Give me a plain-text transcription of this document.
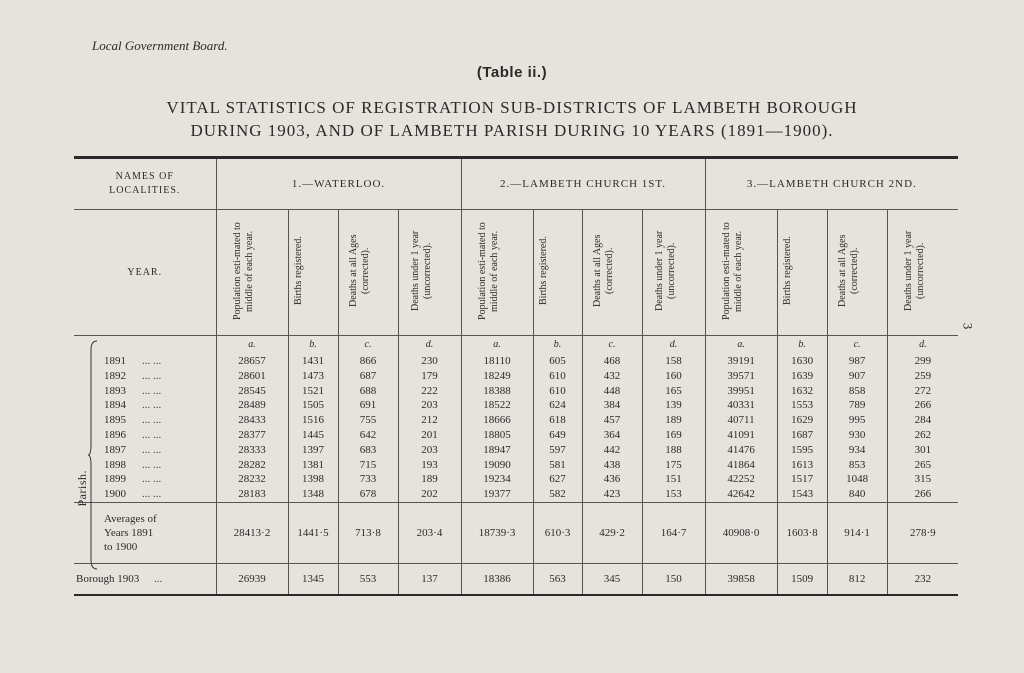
Local Government Board.
(Table ii.)
VITAL STATISTICS OF REGISTRATION SUB-DISTRICTS OF LAMBETH BOROUGH
DURING 1903, AND OF LAMBETH PARISH DURING 10 YEARS (1891—1900).
3
NAMES OF
LOCALITIES.	1.—WATERLOO.				2.—LAMBETH CHURCH 1ST.				3.—LAMBETH CHURCH 2ND.			
YEAR.	Population esti-mated to middle of each year.	Births registered.	Deaths at all Ages (corrected).	Deaths under 1 year (uncorrected).	Population esti-mated to middle of each year.	Births registered.	Deaths at all Ages (corrected).	Deaths under 1 year (uncorrected).	Population esti-mated to middle of each year.	Births registered.	Deaths at all Ages (corrected).	Deaths under 1 year (uncorrected).
	a.	b.	c.	d.	a.	b.	c.	d.	a.	b.	c.	d.
1891 ... ...	28657	1431	866	230	18110	605	468	158	39191	1630	987	299
1892 ... ...	28601	1473	687	179	18249	610	432	160	39571	1639	907	259
1893 ... ...	28545	1521	688	222	18388	610	448	165	39951	1632	858	272
1894 ... ...	28489	1505	691	203	18522	624	384	139	40331	1553	789	266
1895 ... ...	28433	1516	755	212	18666	618	457	189	40711	1629	995	284
1896 ... ...	28377	1445	642	201	18805	649	364	169	41091	1687	930	262
1897 ... ...	28333	1397	683	203	18947	597	442	188	41476	1595	934	301
1898 ... ...	28282	1381	715	193	19090	581	438	175	41864	1613	853	265
1899 ... ...	28232	1398	733	189	19234	627	436	151	42252	1517	1048	315
1900 ... ...	28183	1348	678	202	19377	582	423	153	42642	1543	840	266
Averages of
Years 1891
to 1900	28413·2	1441·5	713·8	203·4	18739·3	610·3	429·2	164·7	40908·0	1603·8	914·1	278·9
Borough 1903 ...	26939	1345	553	137	18386	563	345	150	39858	1509	812	232
Parish.
